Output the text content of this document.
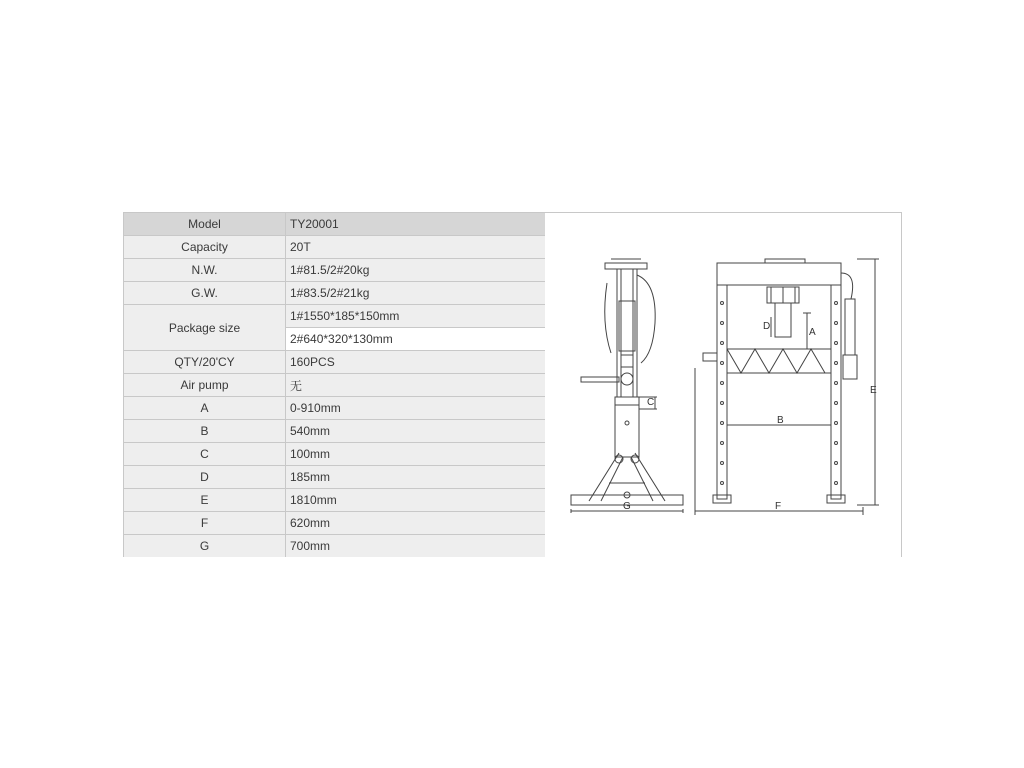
Model	TY20001
Capacity	20T
N.W.	1#81.5/2#20kg
G.W.	1#83.5/2#21kg
Package size	1#1550*185*150mm
	2#640*320*130mm
QTY/20'CY	160PCS
Air pump	无
A	0-910mm
B	540mm
C	100mm
D	185mm
E	1810mm
F	620mm
G	700mm
C
G
A
D
B
E
F
